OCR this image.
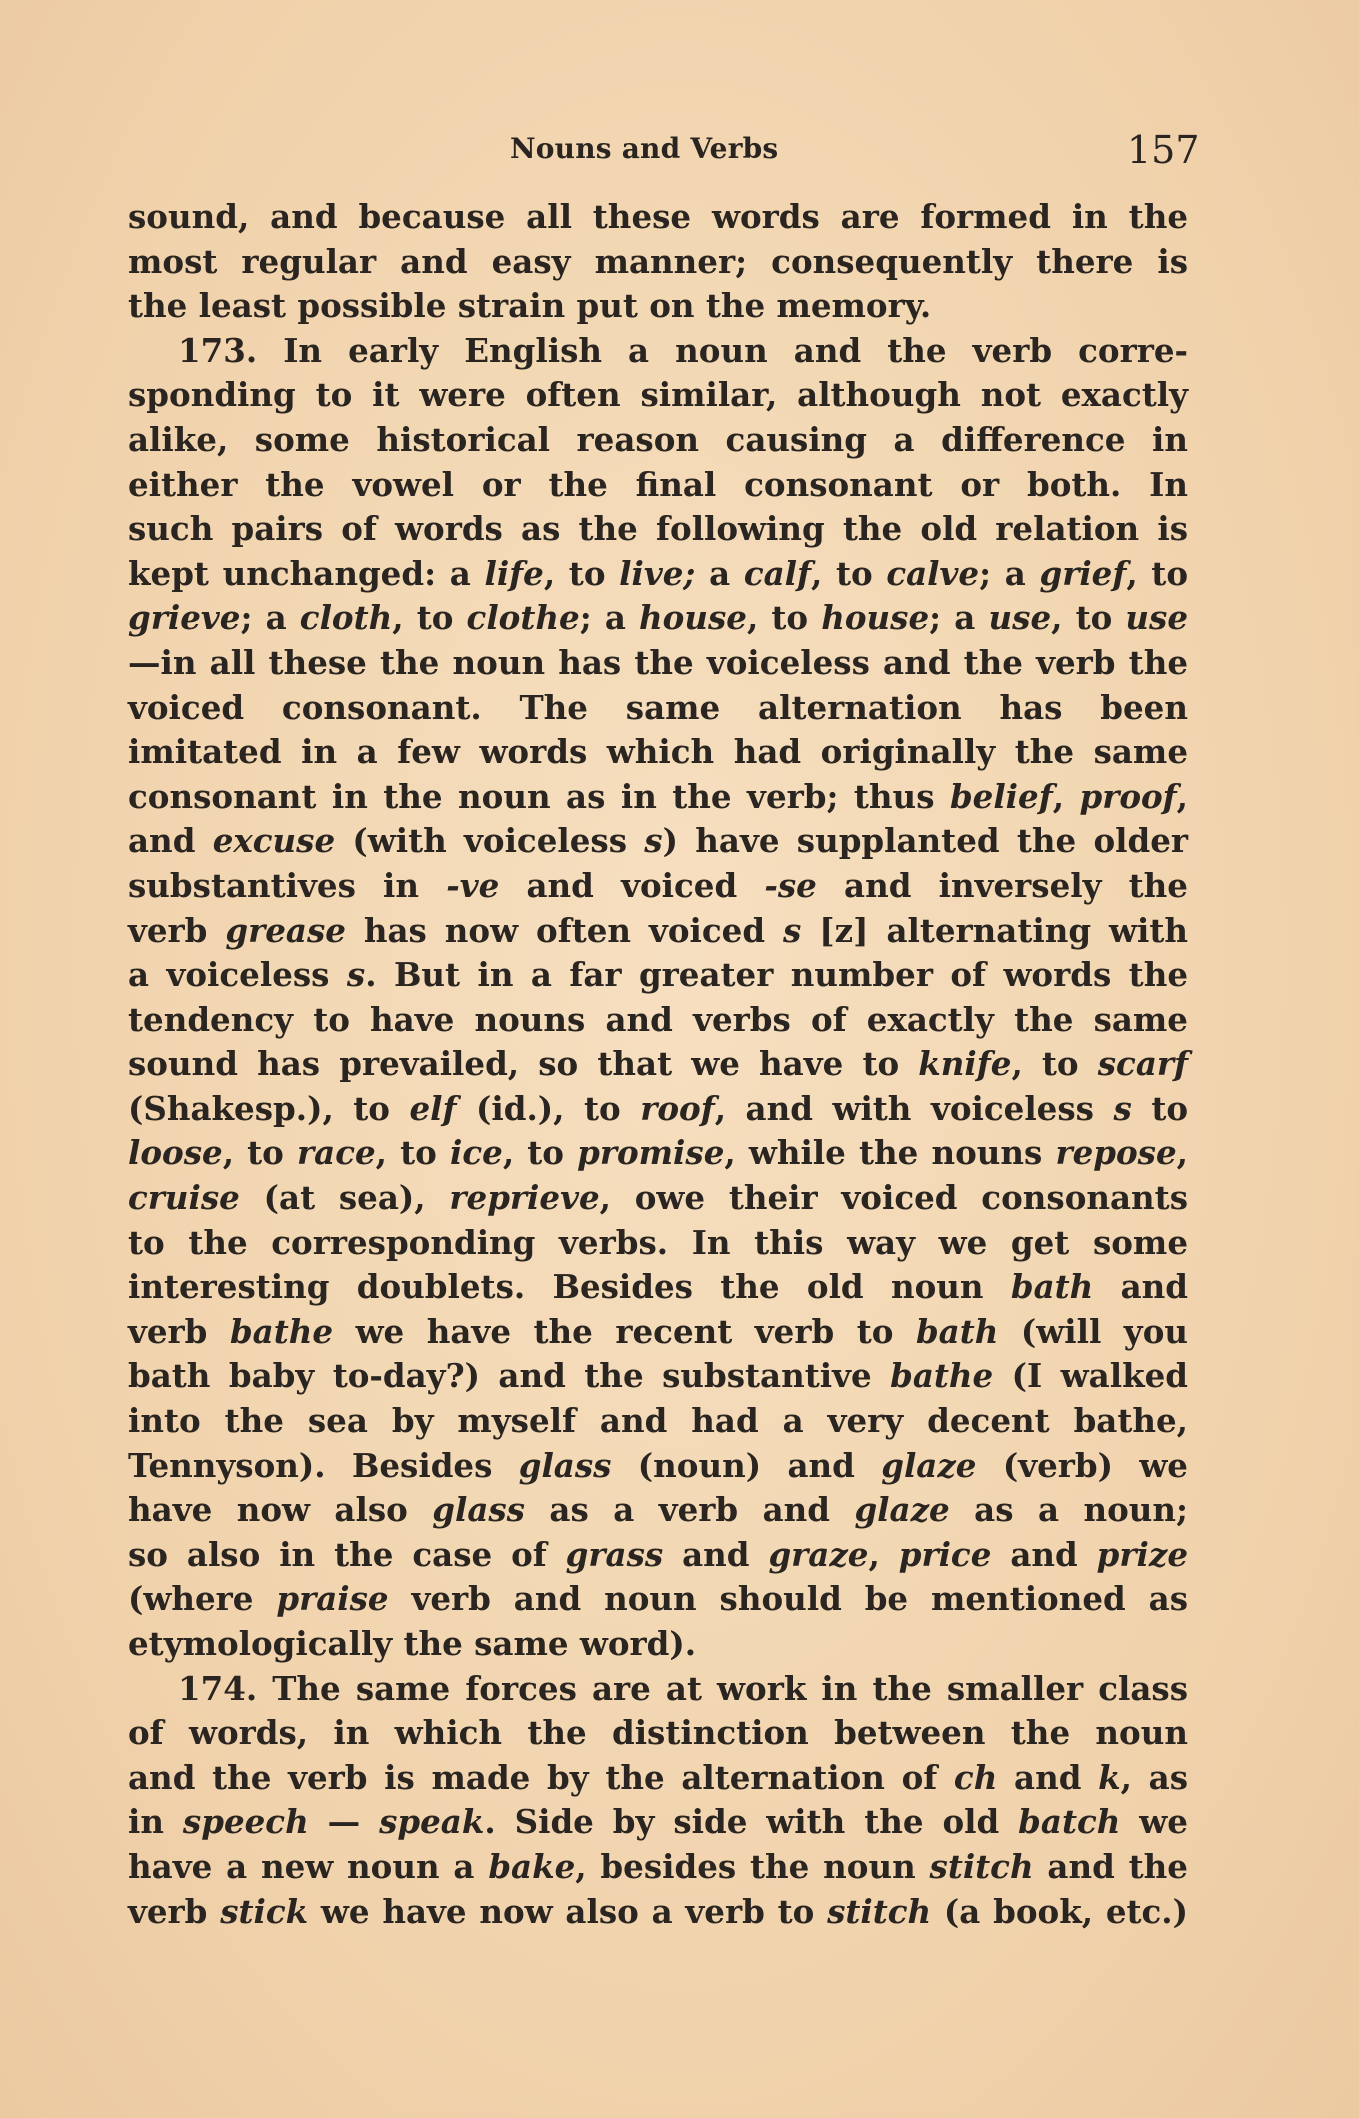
Nouns and Verbs	157
sound, and because all these words are formed in the
most regular and easy manner; consequently there is
the least possible strain put on the memory.
173. In early English a noun and the verb corre-
sponding to it were often similar, although not exactly
alike, some historical reason causing a difference in
either the vowel or the final consonant or both. In
such pairs of words as the following the old relation is
kept unchanged: a life, to live; a calf, to calve; a grief, to
grieve; a cloth, to clothe; a house, to house; a use, to use
—in all these the noun has the voiceless and the verb the
voiced consonant. The same alternation has been
imitated in a few words which had originally the same
consonant in the noun as in the verb; thus belief, proof,
and excuse (with voiceless s) have supplanted the older
substantives in -ve and voiced -se and inversely the
verb grease has now often voiced s [z] alternating with
a voiceless s. But in a far greater number of words the
tendency to have nouns and verbs of exactly the same
sound has prevailed, so that we have to knife, to scarf
(Shakesp.), to elf (id.), to roof, and with voiceless s to
loose, to race, to ice, to promise, while the nouns repose,
cruise (at sea), reprieve, owe their voiced consonants
to the corresponding verbs. In this way we get some
interesting doublets. Besides the old noun bath and
verb bathe we have the recent verb to bath (will you
bath baby to-day?) and the substantive bathe (I walked
into the sea by myself and had a very decent bathe,
Tennyson). Besides glass (noun) and glaze (verb) we
have now also glass as a verb and glaze as a noun;
so also in the case of grass and graze, price and prize
(where praise verb and noun should be mentioned as
etymologically the same word).
174. The same forces are at work in the smaller class
of words, in which the distinction between the noun
and the verb is made by the alternation of ch and k, as
in speech — speak. Side by side with the old batch we
have a new noun a bake, besides the noun stitch and the
verb stick we have now also a verb to stitch (a book, etc.)
